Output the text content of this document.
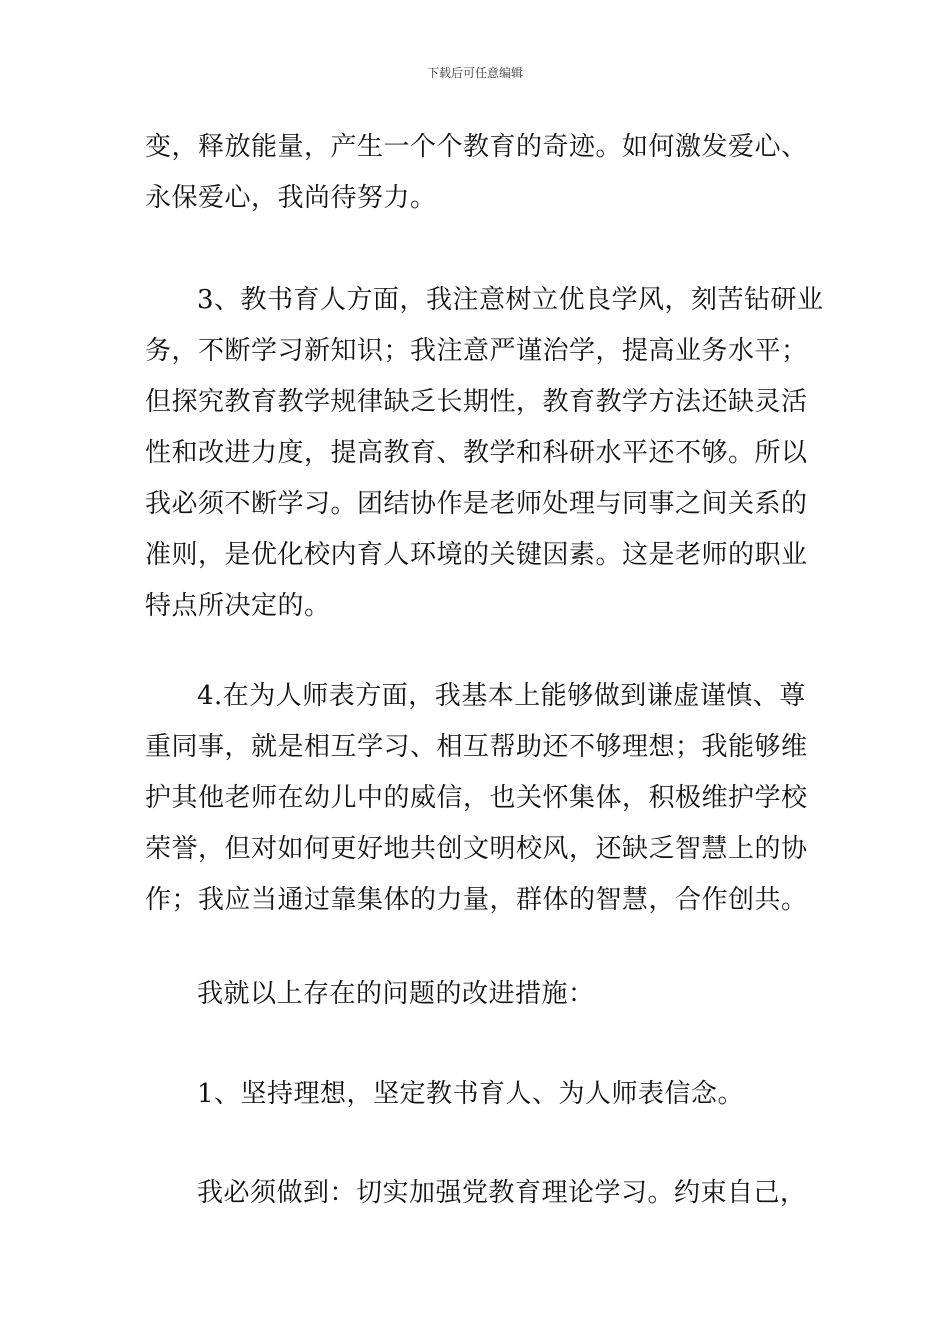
下载后可任意编辑
变，释放能量，产生一个个教育的奇迹。如何激发爱心、
永保爱心，我尚待努力。
3、教书育人方面，我注意树立优良学风，刻苦钻研业
务，不断学习新知识；我注意严谨治学，提高业务水平；
但探究教育教学规律缺乏长期性，教育教学方法还缺灵活
性和改进力度，提高教育、教学和科研水平还不够。所以
我必须不断学习。团结协作是老师处理与同事之间关系的
准则，是优化校内育人环境的关键因素。这是老师的职业
特点所决定的。
4.在为人师表方面，我基本上能够做到谦虚谨慎、尊
重同事，就是相互学习、相互帮助还不够理想；我能够维
护其他老师在幼儿中的威信，也关怀集体，积极维护学校
荣誉，但对如何更好地共创文明校风，还缺乏智慧上的协
作；我应当通过靠集体的力量，群体的智慧，合作创共。
我就以上存在的问题的改进措施：
1、坚持理想，坚定教书育人、为人师表信念。
我必须做到：切实加强党教育理论学习。约束自己，
